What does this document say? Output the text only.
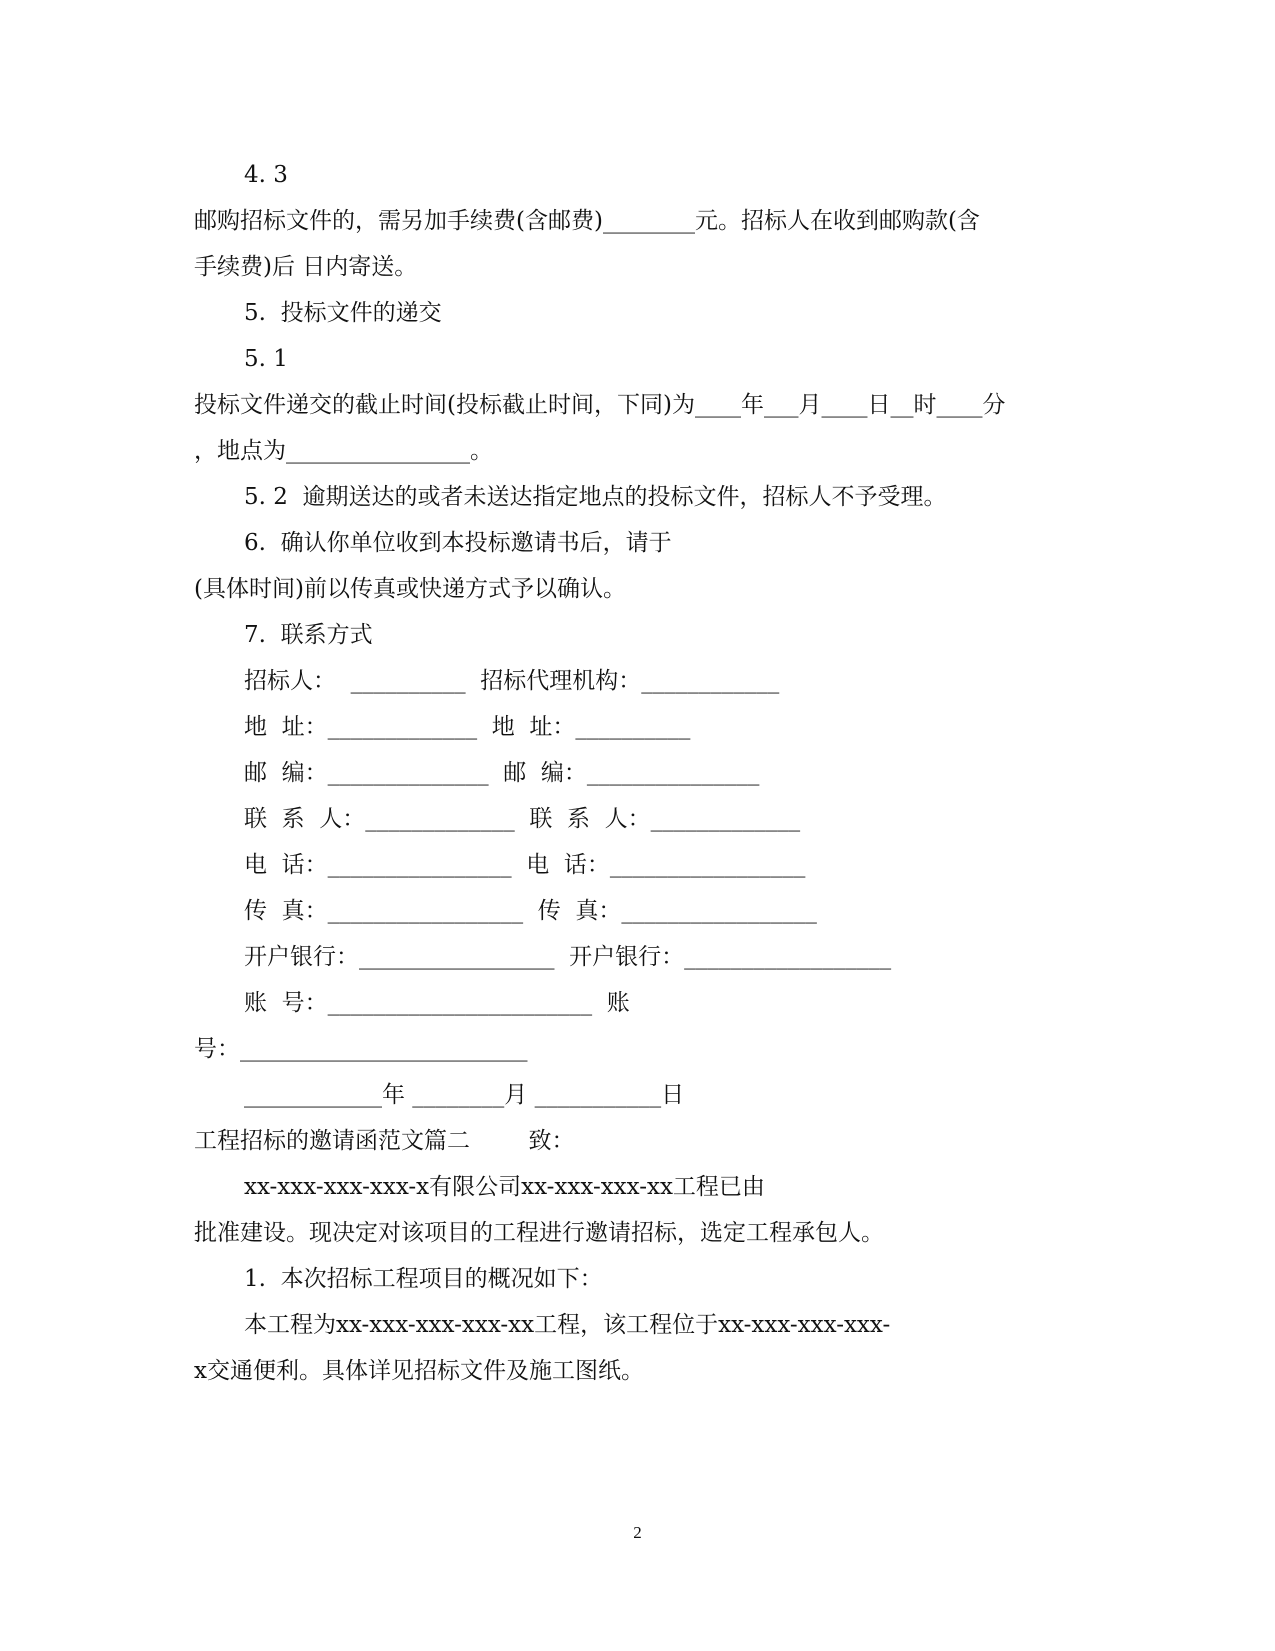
4. 3
邮购招标文件的，需另加手续费(含邮费)________元。招标人在收到邮购款(含
手续费)后 日内寄送。
5.  投标文件的递交
5. 1
投标文件递交的截止时间(投标截止时间，下同)为____年___月____日__时____分
，地点为________________。
5. 2  逾期送达的或者未送达指定地点的投标文件，招标人不予受理。
6.  确认你单位收到本投标邀请书后，请于
(具体时间)前以传真或快递方式予以确认。
7.  联系方式
招标人：  __________  招标代理机构：____________
地  址：_____________  地  址：__________
邮  编：______________  邮  编：_______________
联  系  人：_____________  联  系  人：_____________
电  话：________________  电  话：_________________
传  真：_________________  传  真：_________________
开户银行：_________________  开户银行：__________________
账  号：_______________________  账
号：_________________________
____________年 ________月 ___________日
工程招标的邀请函范文篇二        致：
xx-xxx-xxx-xxx-x有限公司xx-xxx-xxx-xx工程已由
批准建设。现决定对该项目的工程进行邀请招标，选定工程承包人。
1.  本次招标工程项目的概况如下：
本工程为xx-xxx-xxx-xxx-xx工程，该工程位于xx-xxx-xxx-xxx-
x交通便利。具体详见招标文件及施工图纸。
2
